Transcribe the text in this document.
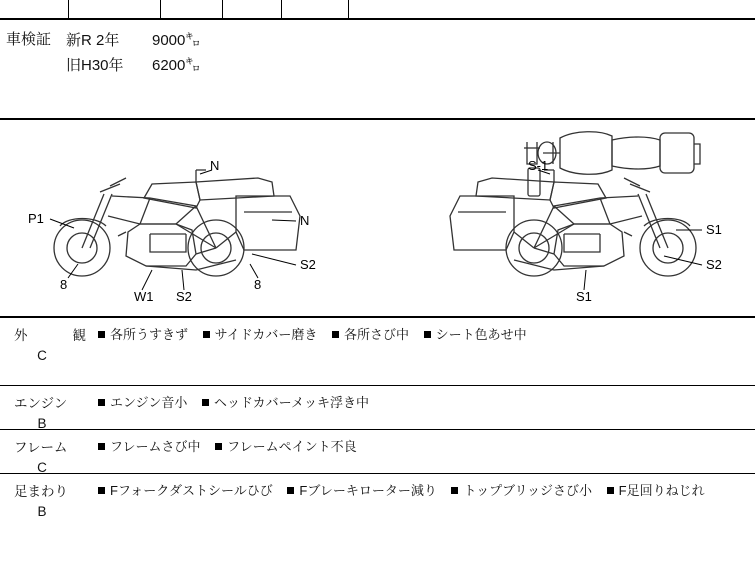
車検証 新R 2年 9000㌔
旧H30年 6200㌔
P1
N
N
S2
8
W1 S2
8
S-1
S1
S2
S1
外　　観
C
各所うすきず サイドカバー磨き 各所さび中 シート色あせ中
エンジン
B
エンジン音小 ヘッドカバーメッキ浮き中
フレーム
C
フレームさび中 フレームペイント不良
足まわり
B
Fフォークダストシールひび Fブレーキローター減り トップブリッジさび小 F足回りねじれ
